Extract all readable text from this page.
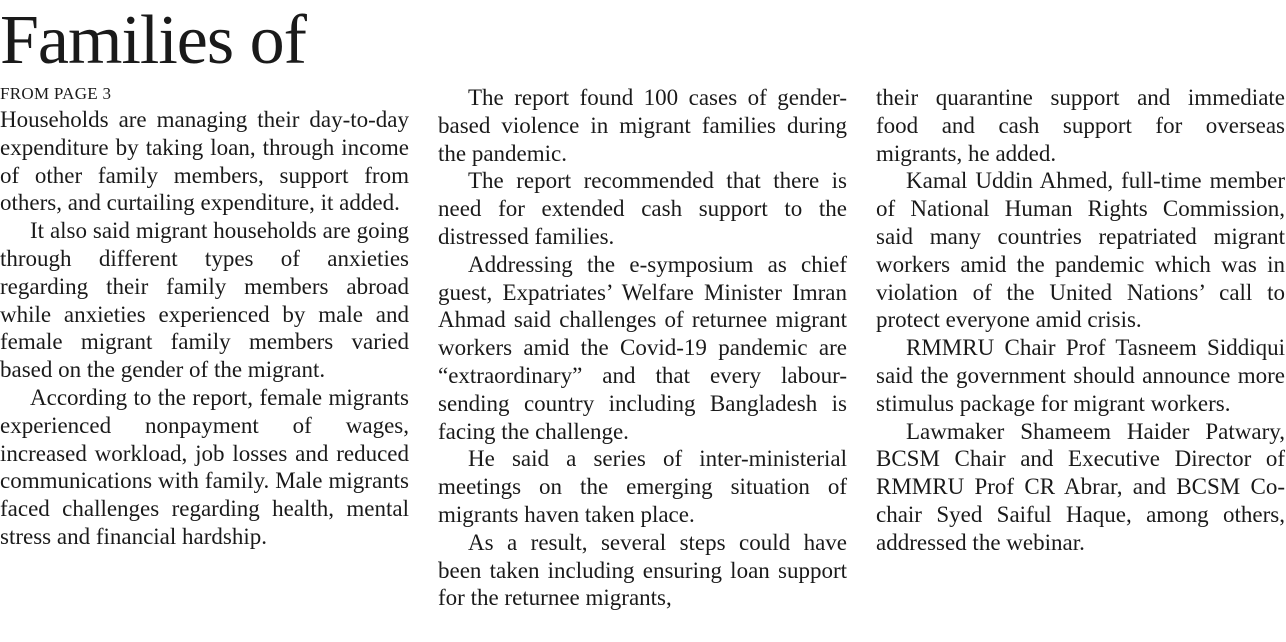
Families of
FROM PAGE 3

Households are managing their day-to-day expenditure by taking loan, through income of other family members, support from others, and curtailing expenditure, it added.

It also said migrant households are going through different types of anxieties regarding their family members abroad while anxieties experienced by male and female migrant family members varied based on the gender of the migrant.

According to the report, female migrants experienced nonpayment of wages, increased workload, job losses and reduced communications with family. Male migrants faced challenges regarding health, mental stress and financial hardship.

The report found 100 cases of gender-based violence in migrant families during the pandemic.

The report recommended that there is need for extended cash support to the distressed families.

Addressing the e-symposium as chief guest, Expatriates’ Welfare Minister Imran Ahmad said challenges of returnee migrant workers amid the Covid-19 pandemic are “extraordinary” and that every labour-sending country including Bangladesh is facing the challenge.

He said a series of inter-ministerial meetings on the emerging situation of migrants haven taken place.

As a result, several steps could have been taken including ensuring loan support for the returnee migrants,

their quarantine support and immediate food and cash support for overseas migrants, he added.

Kamal Uddin Ahmed, full-time member of National Human Rights Commission, said many countries repatriated migrant workers amid the pandemic which was in violation of the United Nations’ call to protect everyone amid crisis.

RMMRU Chair Prof Tasneem Siddiqui said the government should announce more stimulus package for migrant workers.

Lawmaker Shameem Haider Patwary, BCSM Chair and Executive Director of RMMRU Prof CR Abrar, and BCSM Co-chair Syed Saiful Haque, among others, addressed the webinar.
